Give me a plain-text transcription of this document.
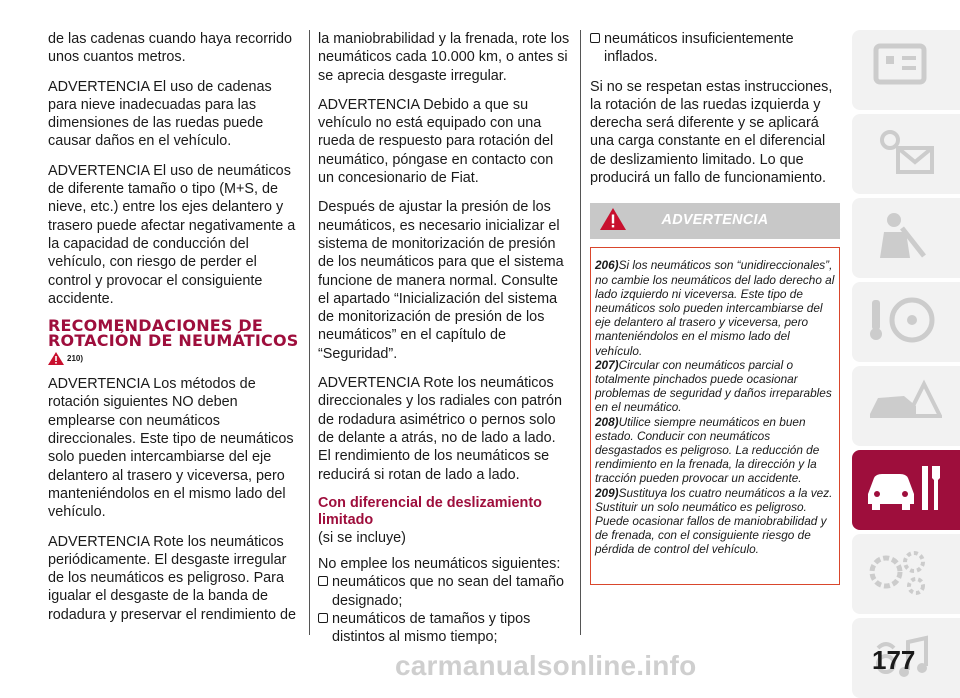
de las cadenas cuando haya recorrido unos cuantos metros.

ADVERTENCIA El uso de cadenas para nieve inadecuadas para las dimensiones de las ruedas puede causar daños en el vehículo.

ADVERTENCIA El uso de neumáticos de diferente tamaño o tipo (M+S, de nieve, etc.) entre los ejes delantero y trasero puede afectar negativamente a la capacidad de conducción del vehículo, con riesgo de perder el control y provocar el consiguiente accidente.

RECOMENDACIONES DE ROTACIÓN DE NEUMÁTICOS
210)

ADVERTENCIA Los métodos de rotación siguientes NO deben emplearse con neumáticos direccionales. Este tipo de neumáticos solo pueden intercambiarse del eje delantero al trasero y viceversa, pero manteniéndolos en el mismo lado del vehículo.

ADVERTENCIA Rote los neumáticos periódicamente. El desgaste irregular de los neumáticos es peligroso. Para igualar el desgaste de la banda de rodadura y preservar el rendimiento de

la maniobrabilidad y la frenada, rote los neumáticos cada 10.000 km, o antes si se aprecia desgaste irregular.

ADVERTENCIA Debido a que su vehículo no está equipado con una rueda de respuesto para rotación del neumático, póngase en contacto con un concesionario de Fiat.

Después de ajustar la presión de los neumáticos, es necesario inicializar el sistema de monitorización de presión de los neumáticos para que el sistema funcione de manera normal. Consulte el apartado “Inicialización del sistema de monitorización de presión de los neumáticos” en el capítulo de “Seguridad”.

ADVERTENCIA Rote los neumáticos direccionales y los radiales con patrón de rodadura asimétrico o pernos solo de delante a atrás, no de lado a lado. El rendimiento de los neumáticos se reducirá si rotan de lado a lado.

Con diferencial de deslizamiento limitado

(si se incluye)

No emplee los neumáticos siguientes:

neumáticos que no sean del tamaño designado;
neumáticos de tamaños y tipos distintos al mismo tiempo;
neumáticos insuficientemente inflados.

Si no se respetan estas instrucciones, la rotación de las ruedas izquierda y derecha será diferente y se aplicará una carga constante en el diferencial de deslizamiento limitado. Lo que producirá un fallo de funcionamiento.

ADVERTENCIA

206)Si los neumáticos son “unidireccionales”, no cambie los neumáticos del lado derecho al lado izquierdo ni viceversa. Este tipo de neumáticos solo pueden intercambiarse del eje delantero al trasero y viceversa, pero manteniéndolos en el mismo lado del vehículo.

207)Circular con neumáticos parcial o totalmente pinchados puede ocasionar problemas de seguridad y daños irreparables en el neumático.

208)Utilice siempre neumáticos en buen estado. Conducir con neumáticos desgastados es peligroso. La reducción de rendimiento en la frenada, la dirección y la tracción pueden provocar un accidente.

209)Sustituya los cuatro neumáticos a la vez. Sustituir un solo neumático es peligroso. Puede ocasionar fallos de maniobrabilidad y de frenada, con el consiguiente riesgo de pérdida de control del vehículo.

carmanualsonline.info	177
